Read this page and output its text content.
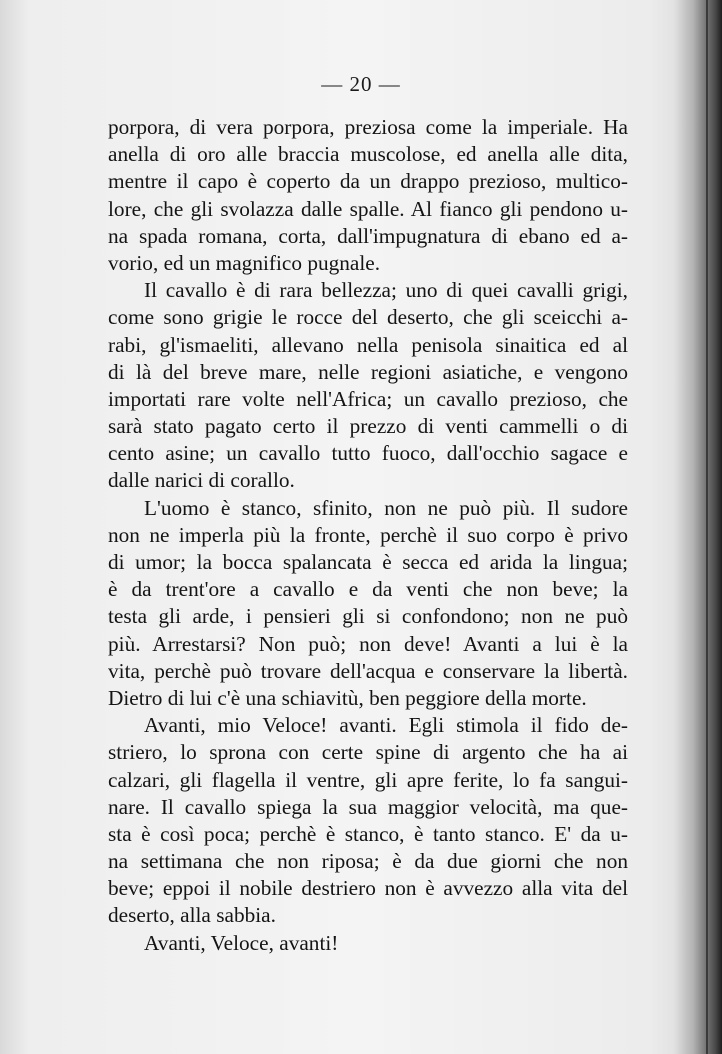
— 20 —
porpora, di vera porpora, preziosa come la imperiale. Ha
anella di oro alle braccia muscolose, ed anella alle dita,
mentre il capo è coperto da un drappo prezioso, multico-
lore, che gli svolazza dalle spalle. Al fianco gli pendono u-
na spada romana, corta, dall'impugnatura di ebano ed a-
vorio, ed un magnifico pugnale.
Il cavallo è di rara bellezza; uno di quei cavalli grigi,
come sono grigie le rocce del deserto, che gli sceicchi a-
rabi, gl'ismaeliti, allevano nella penisola sinaitica ed al
di là del breve mare, nelle regioni asiatiche, e vengono
importati rare volte nell'Africa; un cavallo prezioso, che
sarà stato pagato certo il prezzo di venti cammelli o di
cento asine; un cavallo tutto fuoco, dall'occhio sagace e
dalle narici di corallo.
L'uomo è stanco, sfinito, non ne può più. Il sudore
non ne imperla più la fronte, perchè il suo corpo è privo
di umor; la bocca spalancata è secca ed arida la lingua;
è da trent'ore a cavallo e da venti che non beve; la
testa gli arde, i pensieri gli si confondono; non ne può
più. Arrestarsi? Non può; non deve! Avanti a lui è la
vita, perchè può trovare dell'acqua e conservare la libertà.
Dietro di lui c'è una schiavitù, ben peggiore della morte.
Avanti, mio Veloce! avanti. Egli stimola il fido de-
striero, lo sprona con certe spine di argento che ha ai
calzari, gli flagella il ventre, gli apre ferite, lo fa sangui-
nare. Il cavallo spiega la sua maggior velocità, ma que-
sta è così poca; perchè è stanco, è tanto stanco. E' da u-
na settimana che non riposa; è da due giorni che non
beve; eppoi il nobile destriero non è avvezzo alla vita del
deserto, alla sabbia.
Avanti, Veloce, avanti!
